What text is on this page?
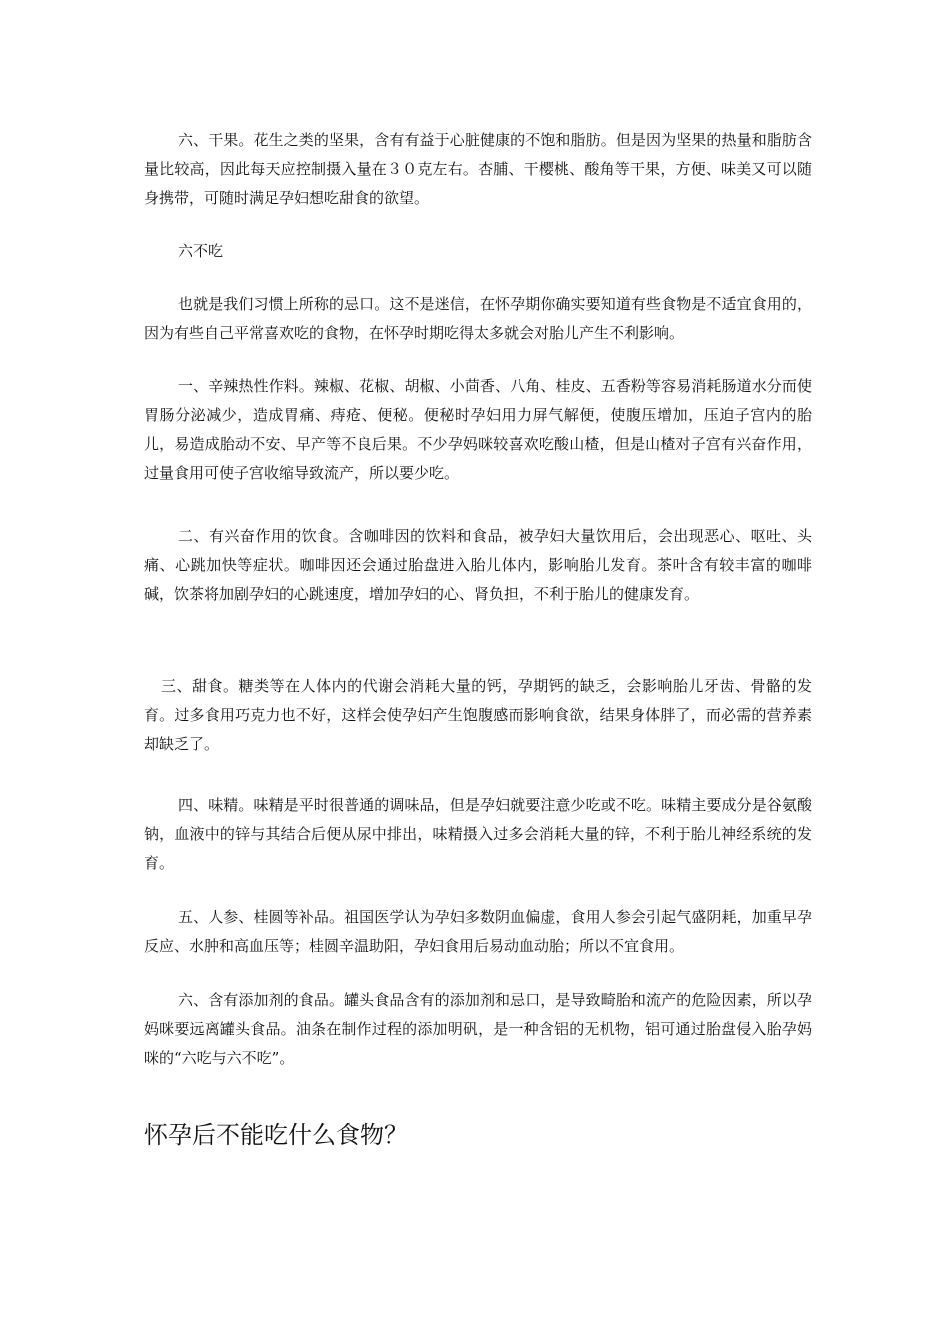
六、干果。花生之类的坚果，含有有益于心脏健康的不饱和脂肪。但是因为坚果的热量和脂肪含量比较高，因此每天应控制摄入量在３０克左右。杏脯、干樱桃、酸角等干果，方便、味美又可以随身携带，可随时满足孕妇想吃甜食的欲望。

六不吃

也就是我们习惯上所称的忌口。这不是迷信，在怀孕期你确实要知道有些食物是不适宜食用的，因为有些自己平常喜欢吃的食物，在怀孕时期吃得太多就会对胎儿产生不利影响。

一、辛辣热性作料。辣椒、花椒、胡椒、小茴香、八角、桂皮、五香粉等容易消耗肠道水分而使胃肠分泌减少，造成胃痛、痔疮、便秘。便秘时孕妇用力屏气解便，使腹压增加，压迫子宫内的胎儿，易造成胎动不安、早产等不良后果。不少孕妈咪较喜欢吃酸山楂，但是山楂对子宫有兴奋作用，过量食用可使子宫收缩导致流产，所以要少吃。

二、有兴奋作用的饮食。含咖啡因的饮料和食品，被孕妇大量饮用后，会出现恶心、呕吐、头痛、心跳加快等症状。咖啡因还会通过胎盘进入胎儿体内，影响胎儿发育。茶叶含有较丰富的咖啡碱，饮茶将加剧孕妇的心跳速度，增加孕妇的心、肾负担，不利于胎儿的健康发育。

三、甜食。糖类等在人体内的代谢会消耗大量的钙，孕期钙的缺乏，会影响胎儿牙齿、骨骼的发育。过多食用巧克力也不好，这样会使孕妇产生饱腹感而影响食欲，结果身体胖了，而必需的营养素却缺乏了。

四、味精。味精是平时很普通的调味品，但是孕妇就要注意少吃或不吃。味精主要成分是谷氨酸钠，血液中的锌与其结合后便从尿中排出，味精摄入过多会消耗大量的锌，不利于胎儿神经系统的发育。

五、人参、桂圆等补品。祖国医学认为孕妇多数阴血偏虚，食用人参会引起气盛阴耗，加重早孕反应、水肿和高血压等；桂圆辛温助阳，孕妇食用后易动血动胎；所以不宜食用。

六、含有添加剂的食品。罐头食品含有的添加剂和忌口，是导致畸胎和流产的危险因素，所以孕妈咪要远离罐头食品。油条在制作过程的添加明矾，是一种含铝的无机物，铝可通过胎盘侵入胎孕妈咪的“六吃与六不吃”。

怀孕后不能吃什么食物？
